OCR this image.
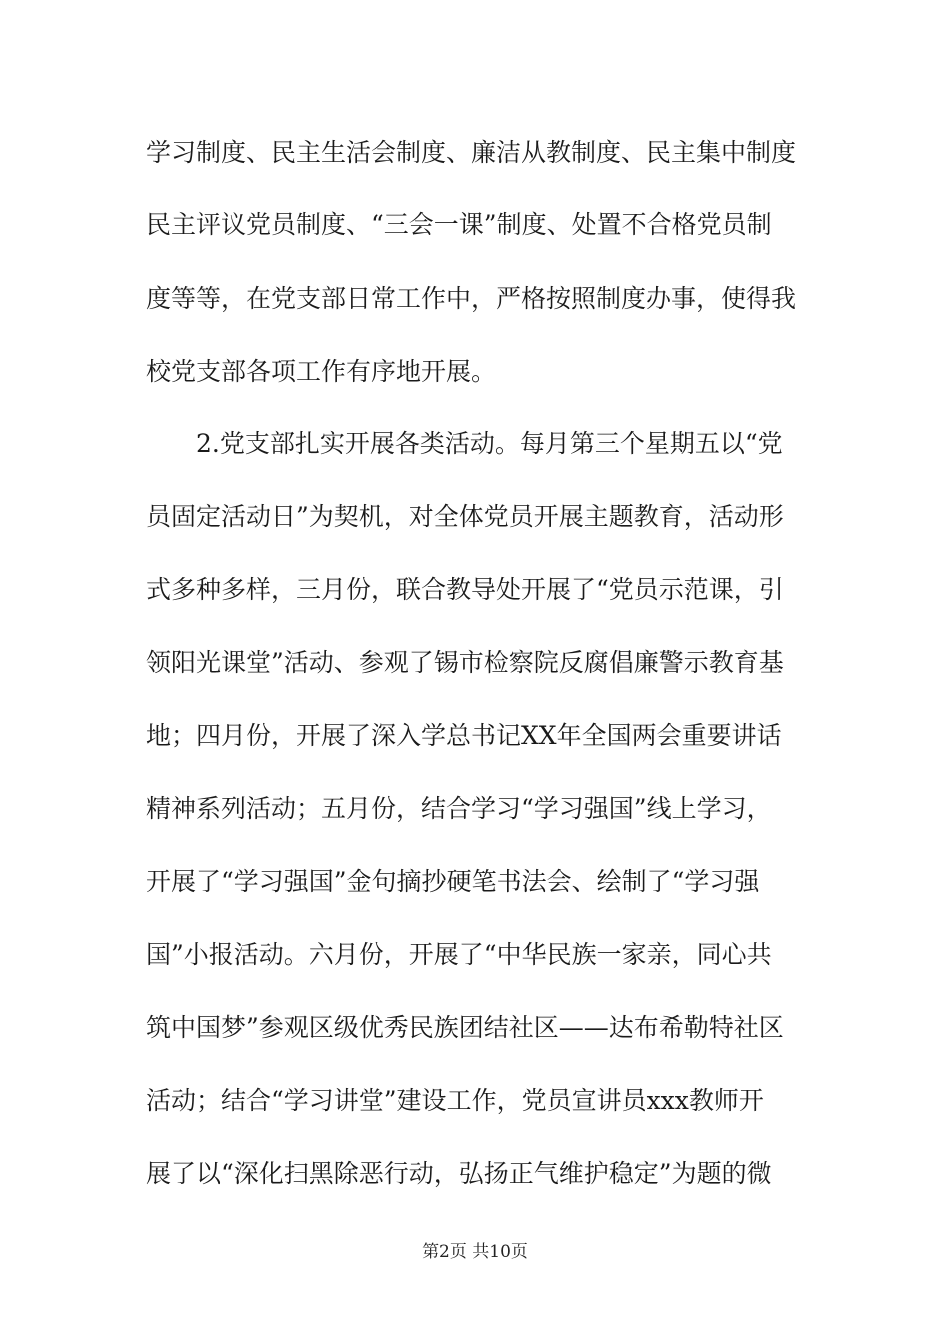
学习制度、民主生活会制度、廉洁从教制度、民主集中制度
民主评议党员制度、“三会一课”制度、处置不合格党员制
度等等，在党支部日常工作中，严格按照制度办事，使得我
校党支部各项工作有序地开展。
2.党支部扎实开展各类活动。每月第三个星期五以“党
员固定活动日”为契机，对全体党员开展主题教育，活动形
式多种多样，三月份，联合教导处开展了“党员示范课，引
领阳光课堂”活动、参观了锡市检察院反腐倡廉警示教育基
地；四月份，开展了深入学总书记XX年全国两会重要讲话
精神系列活动；五月份，结合学习“学习强国”线上学习，
开展了“学习强国”金句摘抄硬笔书法会、绘制了“学习强
国”小报活动。六月份，开展了“中华民族一家亲，同心共
筑中国梦”参观区级优秀民族团结社区——达布希勒特社区
活动；结合“学习讲堂”建设工作，党员宣讲员xxx教师开
展了以“深化扫黑除恶行动，弘扬正气维护稳定”为题的微
第2页 共10页
